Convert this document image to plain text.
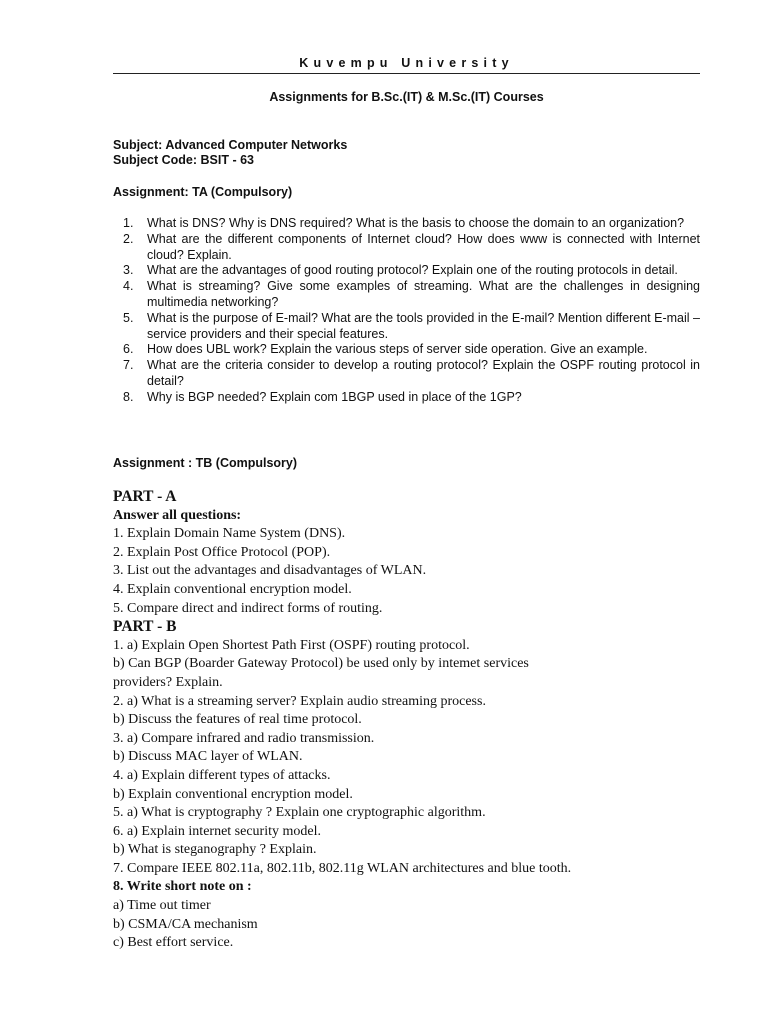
Kuvempu University
Assignments for B.Sc.(IT) & M.Sc.(IT) Courses
Subject: Advanced Computer Networks
Subject Code: BSIT - 63
Assignment: TA (Compulsory)
1. What is DNS? Why is DNS required? What is the basis to choose the domain to an organization?
2. What are the different components of Internet cloud? How does www is connected with Internet cloud? Explain.
3. What are the advantages of good routing protocol? Explain one of the routing protocols in detail.
4. What is streaming? Give some examples of streaming. What are the challenges in designing multimedia networking?
5. What is the purpose of E-mail? What are the tools provided in the E-mail? Mention different E-mail –service providers and their special features.
6. How does UBL work? Explain the various steps of server side operation. Give an example.
7. What are the criteria consider to develop a routing protocol? Explain the OSPF routing protocol in detail?
8. Why is BGP needed? Explain com 1BGP used in place of the 1GP?
Assignment : TB (Compulsory)
PART - A
Answer all questions:
1. Explain Domain Name System (DNS).
2. Explain Post Office Protocol (POP).
3. List out the advantages and disadvantages of WLAN.
4. Explain conventional encryption model.
5. Compare direct and indirect forms of routing.
PART - B
1. a) Explain Open Shortest Path First (OSPF) routing protocol.
b) Can BGP (Boarder Gateway Protocol) be used only by intemet services
providers? Explain.
2. a) What is a streaming server? Explain audio streaming process.
b) Discuss the features of real time protocol.
3. a) Compare infrared and radio transmission.
b) Discuss MAC layer of WLAN.
4. a) Explain different types of attacks.
b) Explain conventional encryption model.
5. a) What is cryptography ? Explain one cryptographic algorithm.
6. a) Explain internet security model.
b) What is steganography ? Explain.
7. Compare IEEE 802.11a, 802.11b, 802.11g WLAN architectures and blue tooth.
8. Write short note on :
a) Time out timer
b) CSMA/CA mechanism
c) Best effort service.
